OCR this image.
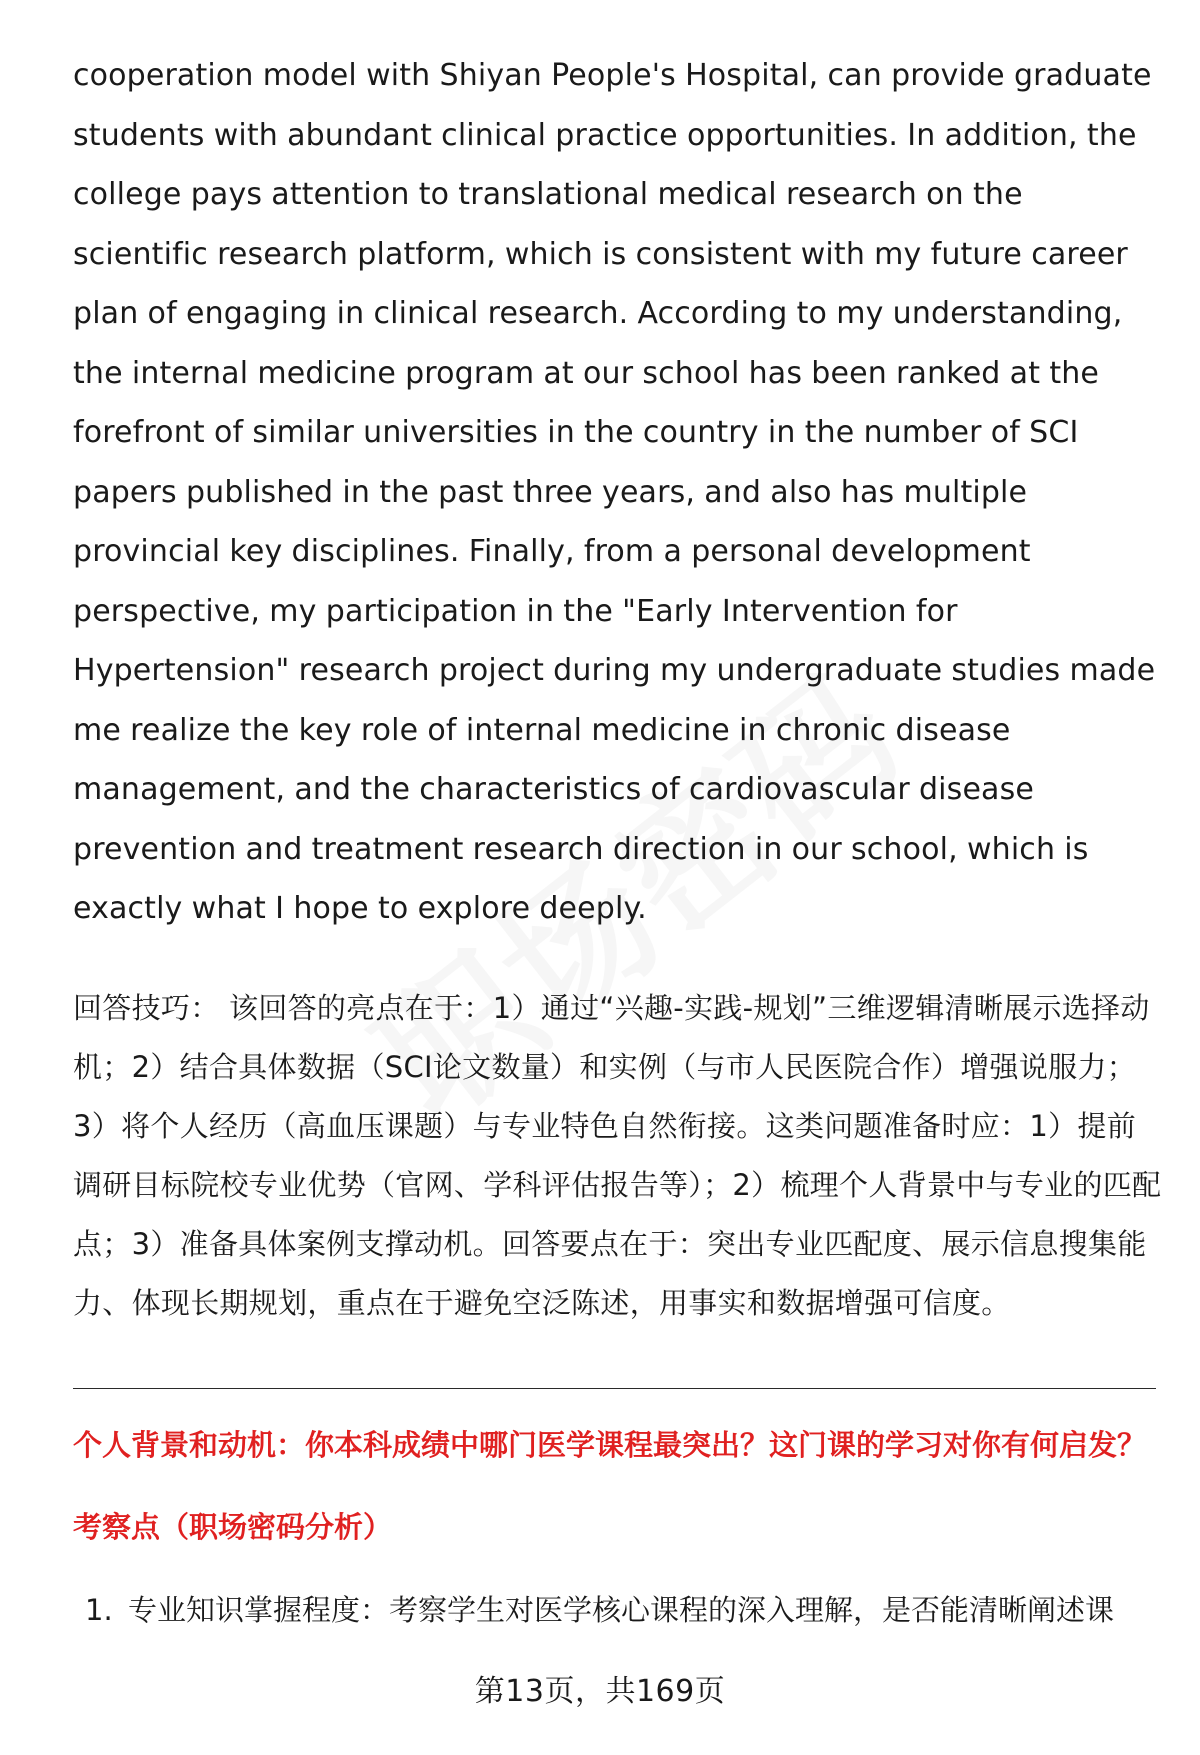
cooperation model with Shiyan People's Hospital, can provide graduate students with abundant clinical practice opportunities. In addition, the college pays attention to translational medical research on the scientific research platform, which is consistent with my future career plan of engaging in clinical research. According to my understanding, the internal medicine program at our school has been ranked at the forefront of similar universities in the country in the number of SCI papers published in the past three years, and also has multiple provincial key disciplines. Finally, from a personal development perspective, my participation in the "Early Intervention for Hypertension" research project during my undergraduate studies made me realize the key role of internal medicine in chronic disease management, and the characteristics of cardiovascular disease prevention and treatment research direction in our school, which is exactly what I hope to explore deeply.

回答技巧： 该回答的亮点在于：1）通过“兴趣-实践-规划”三维逻辑清晰展示选择动机；2）结合具体数据（SCI论文数量）和实例（与市人民医院合作）增强说服力；3）将个人经历（高血压课题）与专业特色自然衔接。这类问题准备时应：1）提前调研目标院校专业优势（官网、学科评估报告等）；2）梳理个人背景中与专业的匹配点；3）准备具体案例支撑动机。回答要点在于：突出专业匹配度、展示信息搜集能力、体现长期规划，重点在于避免空泛陈述，用事实和数据增强可信度。

个人背景和动机：你本科成绩中哪门医学课程最突出？这门课的学习对你有何启发？
考察点（职场密码分析）
1. 专业知识掌握程度：考察学生对医学核心课程的深入理解，是否能清晰阐述课
第13页，共169页
